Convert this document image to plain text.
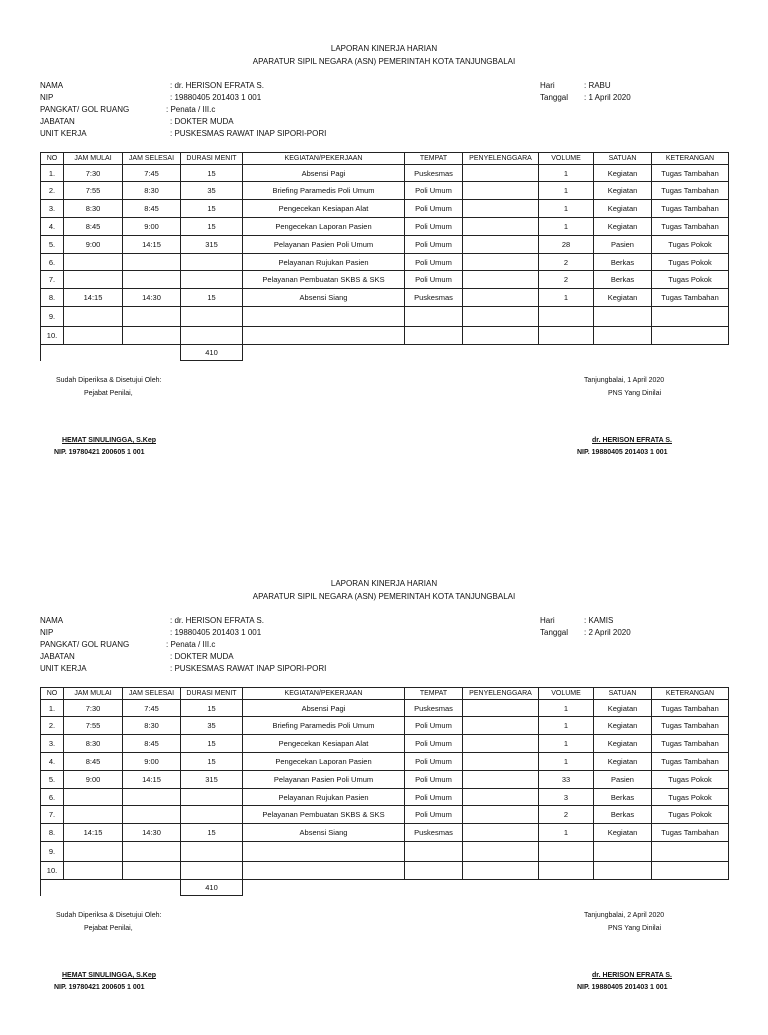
LAPORAN KINERJA HARIAN
APARATUR SIPIL NEGARA (ASN) PEMERINTAH KOTA TANJUNGBALAI
NAMA	: dr. HERISON EFRATA S.
NIP	: 19880405 201403 1 001
PANGKAT/ GOL RUANG	: Penata / III.c
JABATAN	: DOKTER MUDA
UNIT KERJA	: PUSKESMAS RAWAT INAP SIPORI-PORI
Hari	: RABU
Tanggal : 1 April 2020
NO	JAM MULAI	JAM SELESAI	DURASI MENIT	KEGIATAN/PEKERJAAN	TEMPAT	PENYELENGGARA	VOLUME	SATUAN	KETERANGAN
1.	7:30	7:45	15	Absensi Pagi	Puskesmas		1	Kegiatan	Tugas Tambahan
2.	7:55	8:30	35	Briefing Paramedis Poli Umum	Poli Umum		1	Kegiatan	Tugas Tambahan
3.	8:30	8:45	15	Pengecekan Kesiapan Alat	Poli Umum		1	Kegiatan	Tugas Tambahan
4.	8:45	9:00	15	Pengecekan Laporan Pasien	Poli Umum		1	Kegiatan	Tugas Tambahan
5.	9:00	14:15	315	Pelayanan Pasien Poli Umum	Poli Umum		28	Pasien	Tugas Pokok
6.				Pelayanan Rujukan Pasien	Poli Umum		2	Berkas	Tugas Pokok
7.				Pelayanan Pembuatan SKBS & SKS	Poli Umum		2	Berkas	Tugas Pokok
8.	14:15	14:30	15	Absensi Siang	Puskesmas		1	Kegiatan	Tugas Tambahan
9.									
10.									
			410						
Sudah Diperiksa & Disetujui Oleh:
Pejabat Penilai,
Tanjungbalai, 1 April 2020
PNS Yang Dinilai
HEMAT SINULINGGA, S.Kep
NIP. 19780421 200605 1 001
dr. HERISON EFRATA S.
NIP. 19880405 201403 1 001
LAPORAN KINERJA HARIAN
APARATUR SIPIL NEGARA (ASN) PEMERINTAH KOTA TANJUNGBALAI
NAMA	: dr. HERISON EFRATA S.
NIP	: 19880405 201403 1 001
PANGKAT/ GOL RUANG	: Penata / III.c
JABATAN	: DOKTER MUDA
UNIT KERJA	: PUSKESMAS RAWAT INAP SIPORI-PORI
Hari	: KAMIS
Tanggal : 2 April 2020
NO	JAM MULAI	JAM SELESAI	DURASI MENIT	KEGIATAN/PEKERJAAN	TEMPAT	PENYELENGGARA	VOLUME	SATUAN	KETERANGAN
1.	7:30	7:45	15	Absensi Pagi	Puskesmas		1	Kegiatan	Tugas Tambahan
2.	7:55	8:30	35	Briefing Paramedis Poli Umum	Poli Umum		1	Kegiatan	Tugas Tambahan
3.	8:30	8:45	15	Pengecekan Kesiapan Alat	Poli Umum		1	Kegiatan	Tugas Tambahan
4.	8:45	9:00	15	Pengecekan Laporan Pasien	Poli Umum		1	Kegiatan	Tugas Tambahan
5.	9:00	14:15	315	Pelayanan Pasien Poli Umum	Poli Umum		33	Pasien	Tugas Pokok
6.				Pelayanan Rujukan Pasien	Poli Umum		3	Berkas	Tugas Pokok
7.				Pelayanan Pembuatan SKBS & SKS	Poli Umum		2	Berkas	Tugas Pokok
8.	14:15	14:30	15	Absensi Siang	Puskesmas		1	Kegiatan	Tugas Tambahan
9.									
10.									
			410						
Sudah Diperiksa & Disetujui Oleh:
Pejabat Penilai,
Tanjungbalai, 2 April 2020
PNS Yang Dinilai
HEMAT SINULINGGA, S.Kep
NIP. 19780421 200605 1 001
dr. HERISON EFRATA S.
NIP. 19880405 201403 1 001
